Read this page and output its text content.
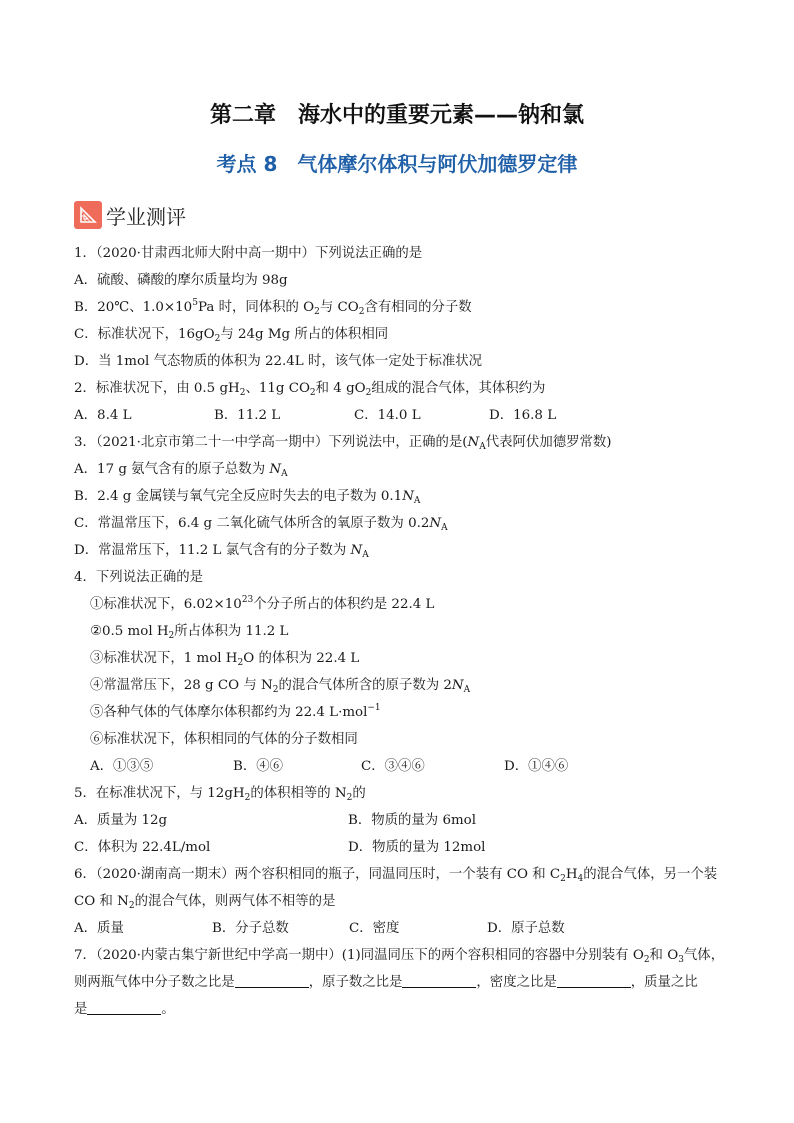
第二章　海水中的重要元素——钠和氯
考点 8　气体摩尔体积与阿伏加德罗定律
学业测评
1．（2020·甘肃西北师大附中高一期中）下列说法正确的是
A．硫酸、磷酸的摩尔质量均为 98g
B．20℃、$1.0\times 10^5Pa$ 时，同体积的 $O_2$与 $CO_2$含有相同的分子数
C．标准状况下，$16gO_2$与 24g Mg 所占的体积相同
D．当 1mol 气态物质的体积为 22.4L 时，该气体一定处于标准状况
2．标准状况下，由 0.5 $gH_2$、11g $CO_2$和 4 $gO_2$组成的混合气体，其体积约为
A．8.4 L	B．11.2 L	C．14.0 L	D．16.8 L
3．（2021·北京市第二十一中学高一期中）下列说法中，正确的是($N_A$代表阿伏加德罗常数)
A．17 g 氨气含有的原子总数为 $N_A$
B．2.4 g 金属镁与氧气完全反应时失去的电子数为 $0.1N_A$
C．常温常压下，6.4 g 二氧化硫气体所含的氧原子数为 $0.2N_A$
D．常温常压下，11.2 L 氯气含有的分子数为 $N_A$
4．下列说法正确的是
①标准状况下，$6.02\times 10^{23}$个分子所占的体积约是 22.4 L
②0.5 mol $H_2$所占体积为 11.2 L
③标准状况下，1 mol $H_2O$ 的体积为 22.4 L
④常温常压下，28 g CO 与 $N_2$的混合气体所含的原子数为 $2N_A$
⑤各种气体的气体摩尔体积都约为 22.4 L·mol$^{-1}$
⑥标准状况下，体积相同的气体的分子数相同
A．①③⑤	B．④⑥	C．③④⑥	D．①④⑥
5．在标准状况下，与 $12gH_2$的体积相等的 $N_2$的
A．质量为 12g	B．物质的量为 6mol
C．体积为 22.4L/mol	D．物质的量为 12mol
6．（2020·湖南高一期末）两个容积相同的瓶子，同温同压时，一个装有 CO 和 $C_2H_4$的混合气体，另一个装
CO 和 $N_2$的混合气体，则两气体不相等的是
A．质量	B．分子总数	C．密度	D．原子总数
7．（2020·内蒙古集宁新世纪中学高一期中）(1)同温同压下的两个容积相同的容器中分别装有 $O_2$和 $O_3$气体，
则两瓶气体中分子数之比是	，原子数之比是	，密度之比是	，质量之比
是	。
